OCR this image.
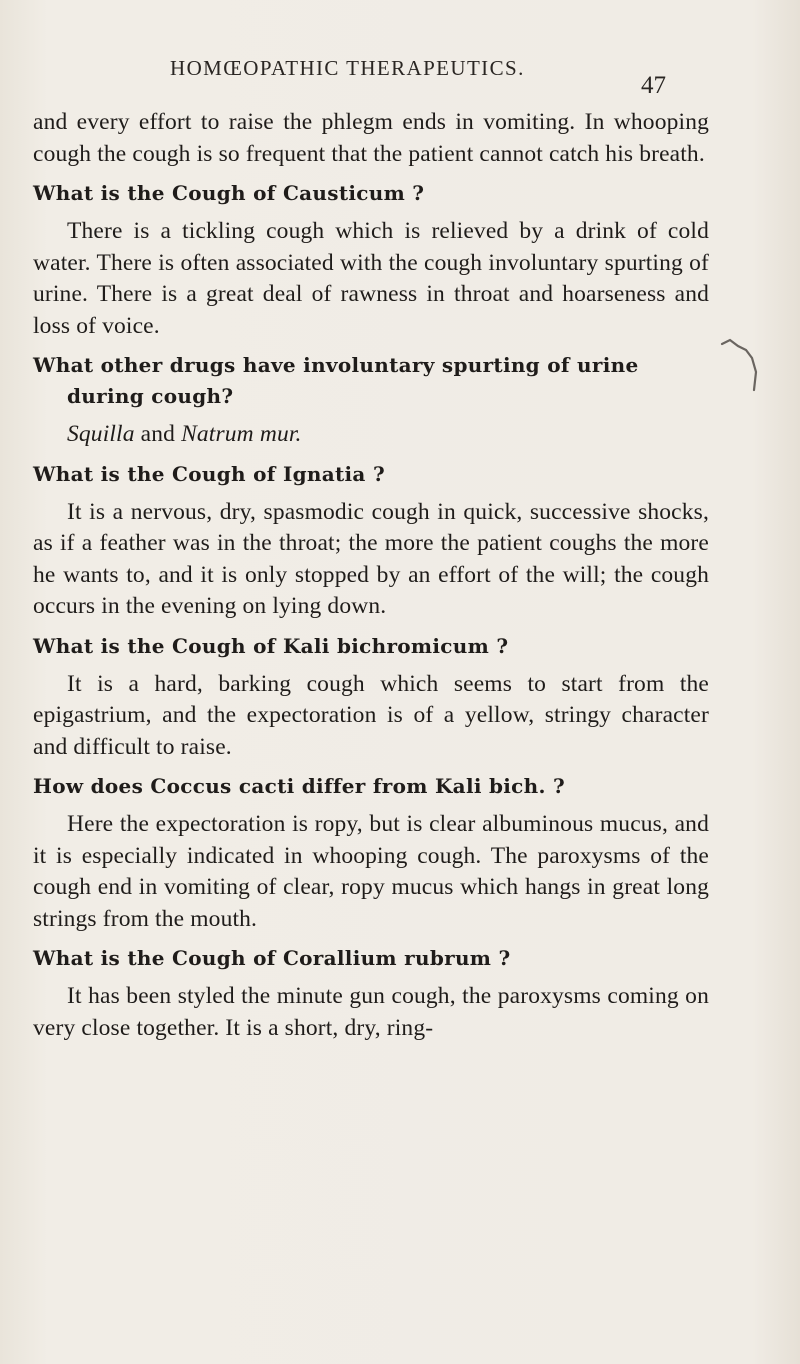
HOMŒOPATHIC THERAPEUTICS.
47

and every effort to raise the phlegm ends in vomiting. In whooping cough the cough is so frequent that the patient cannot catch his breath.

What is the Cough of Causticum ?

There is a tickling cough which is relieved by a drink of cold water. There is often associated with the cough involuntary spurting of urine. There is a great deal of rawness in throat and hoarseness and loss of voice.

What other drugs have involuntary spurting of urine during cough?

Squilla and Natrum mur.

What is the Cough of Ignatia ?

It is a nervous, dry, spasmodic cough in quick, successive shocks, as if a feather was in the throat; the more the patient coughs the more he wants to, and it is only stopped by an effort of the will; the cough occurs in the evening on lying down.

What is the Cough of Kali bichromicum ?

It is a hard, barking cough which seems to start from the epigastrium, and the expectoration is of a yellow, stringy character and difficult to raise.

How does Coccus cacti differ from Kali bich. ?

Here the expectoration is ropy, but is clear albuminous mucus, and it is especially indicated in whooping cough. The paroxysms of the cough end in vomiting of clear, ropy mucus which hangs in great long strings from the mouth.

What is the Cough of Corallium rubrum ?

It has been styled the minute gun cough, the paroxysms coming on very close together. It is a short, dry, ring-
